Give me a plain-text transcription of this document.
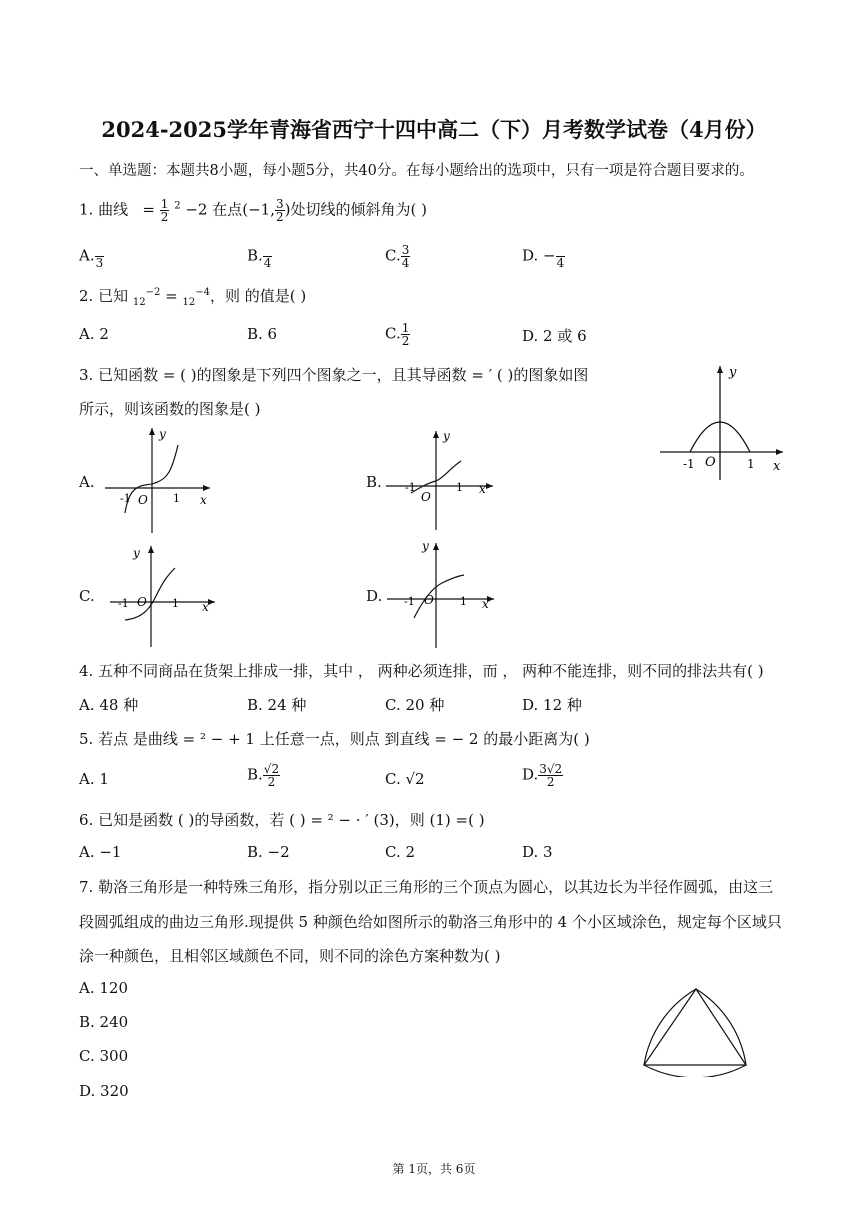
2024-2025学年青海省西宁十四中高二（下）月考数学试卷（4月份）
一、单选题：本题共8小题，每小题5分，共40分。在每小题给出的选项中，只有一项是符合题目要求的。
1. 曲线 = $\frac{1}{2} ^2 -2$ 在点(−1, $\frac{3}{2}$ )处切线的倾斜角为( )
A.
3	B.
4	C. $\frac{3}{4}$	D. −
4
2. 已知 $_{12}^{-2}$ = $_{12}^{-4}$，则 的值是( )
A. 2	B. 6	C. $\frac{1}{2}$	D. 2 或 6
3. 已知函数 = ( )的图象是下列四个图象之一，且其导函数 = ′ ( )的图象如图
所示，则该函数的图象是( )
y
x
O
-1	1
A.
y
x
O
-1	1
B.
y
x
O
-1	1
C.
y
x
O
-1	1	D.
y
x
O
-1	1
4. 五种不同商品在货架上排成一排，其中 ， 两种必须连排，而 ， 两种不能连排，则不同的排法共有( )
A. 48 种	B. 24 种	C. 20 种	D. 12 种
5. 若点 是曲线 = ² − + 1 上任意一点，则点 到直线 = − 2 的最小距离为( )
A. 1	B. $\frac{√2}{2}$	C. √2	D. $\frac{3√2}{2}$
6. 已知是函数 ( )的导函数，若 ( ) = ² − · ′ (3)，则 (1) =( )
A. −1	B. −2	C. 2	D. 3
7. 勒洛三角形是一种特殊三角形，指分别以正三角形的三个顶点为圆心，以其边长为半径作圆弧，由这三
段圆弧组成的曲边三角形.现提供 5 种颜色给如图所示的勒洛三角形中的 4 个小区域涂色，规定每个区域只
涂一种颜色，且相邻区域颜色不同，则不同的涂色方案种数为( )
A. 120
B. 240
C. 300
D. 320
第 1页，共 6页
